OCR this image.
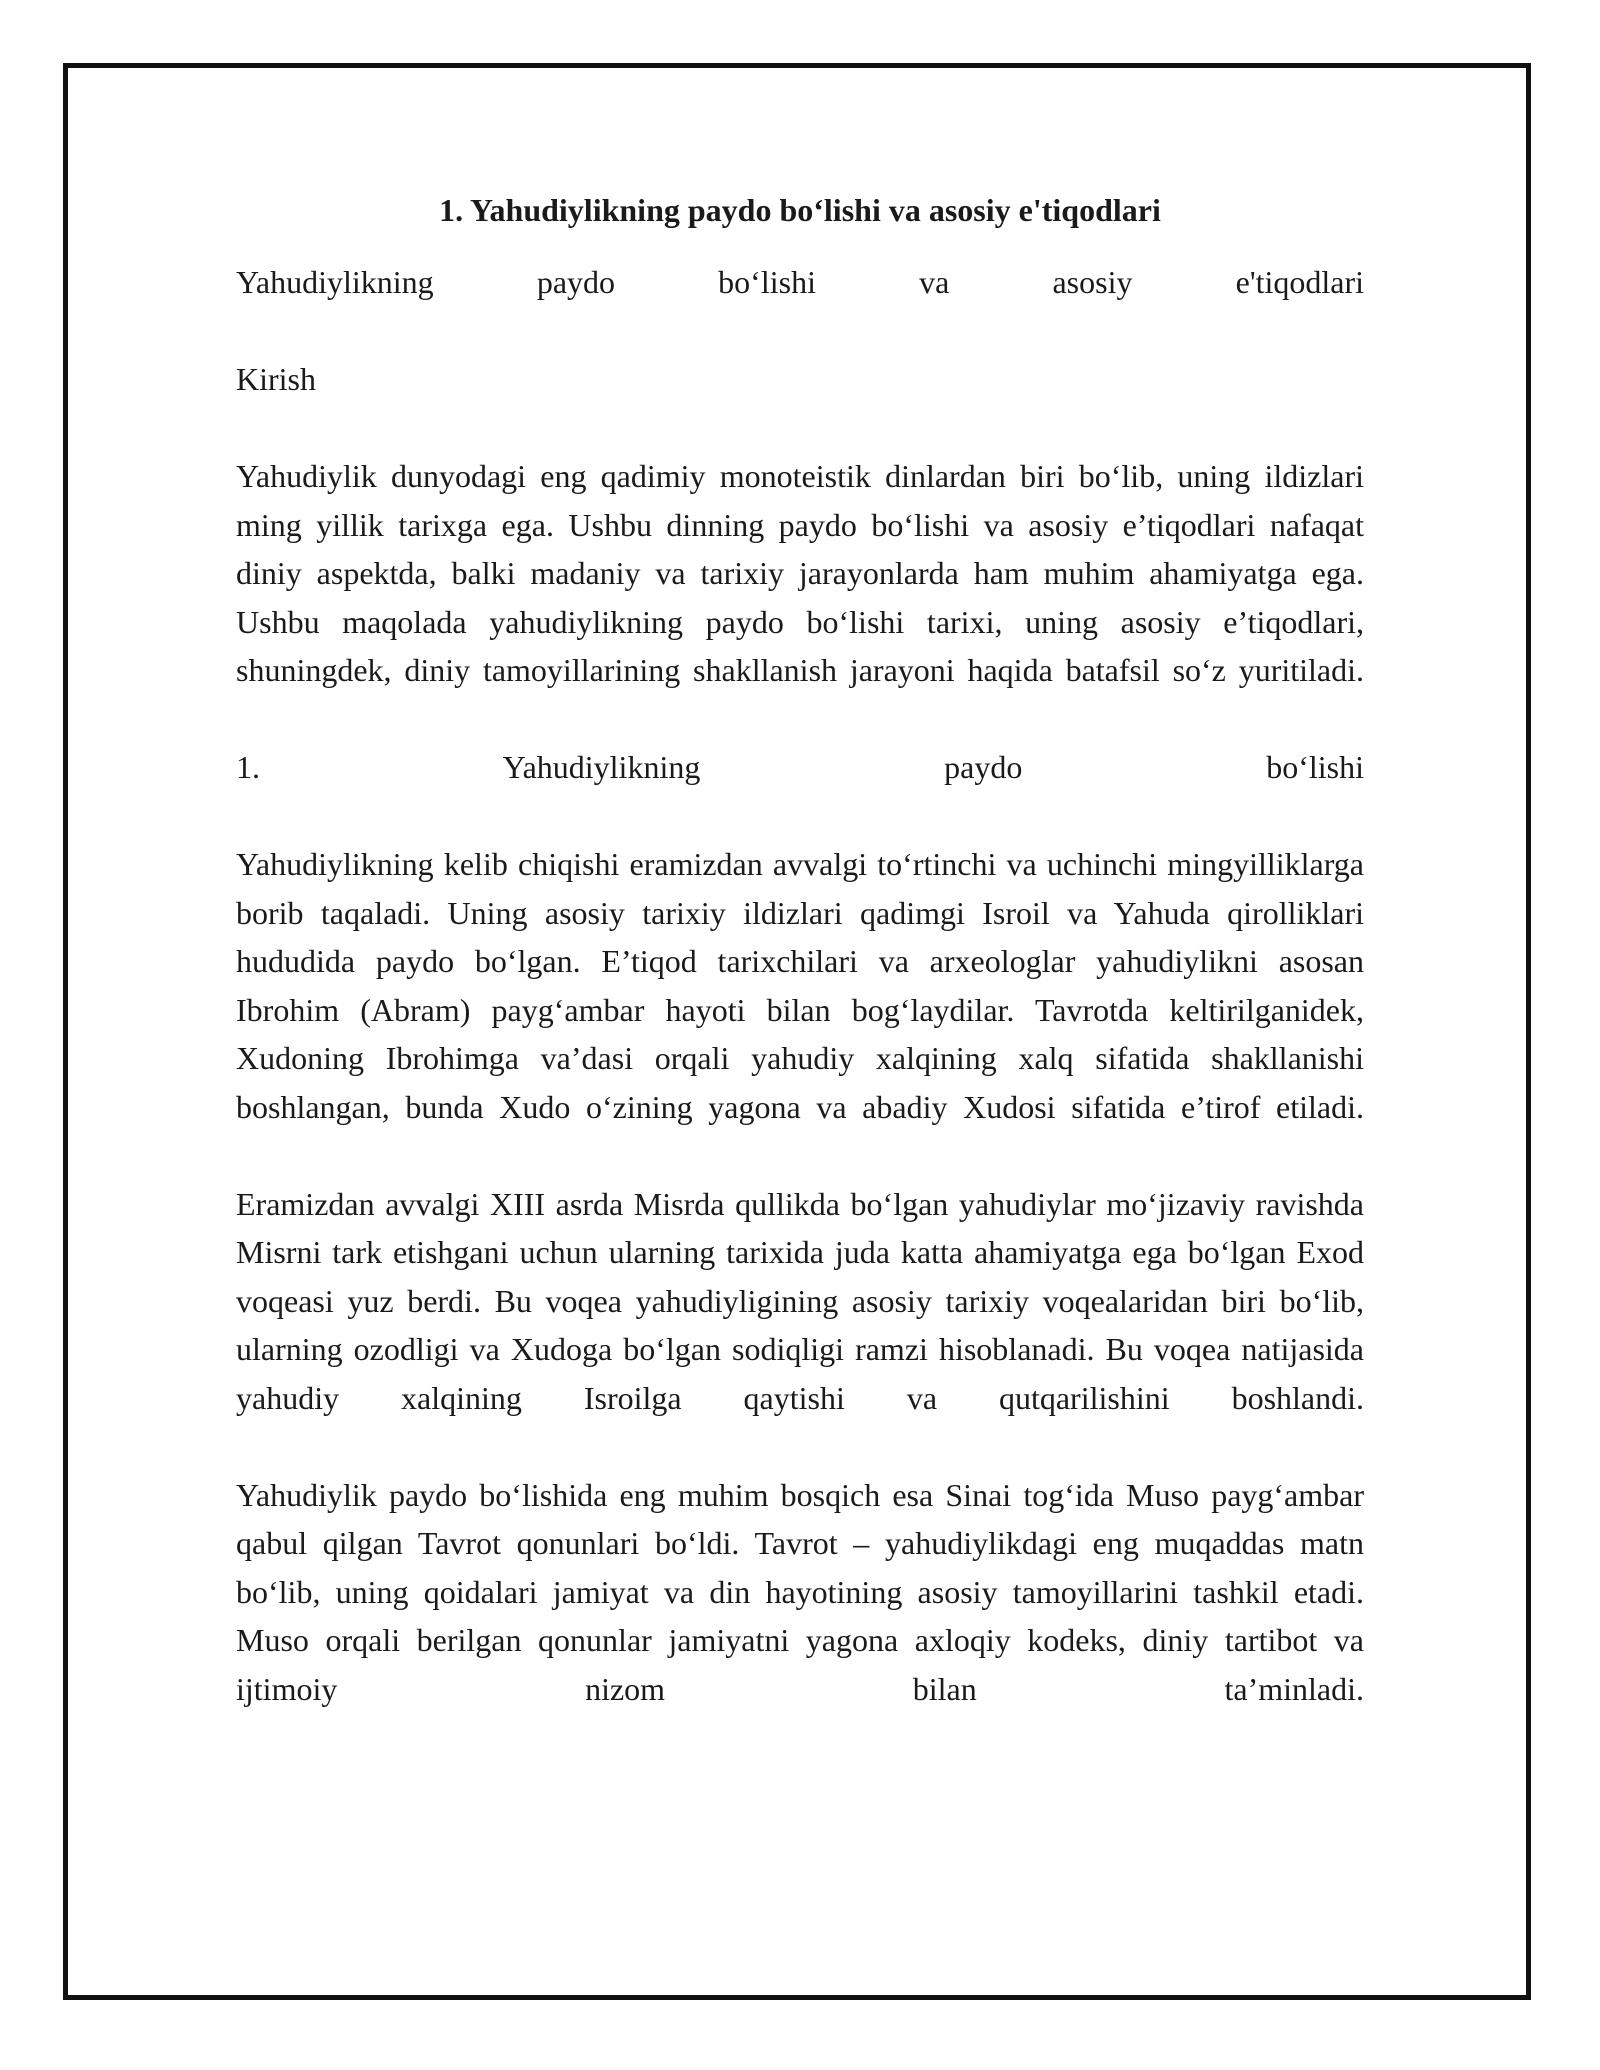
1. Yahudiylikning paydo bo‘lishi va asosiy e'tiqodlari

Yahudiylikning paydo bo‘lishi va asosiy e'tiqodlari

Kirish

Yahudiylik dunyodagi eng qadimiy monoteistik dinlardan biri bo‘lib, uning ildizlari ming yillik tarixga ega. Ushbu dinning paydo bo‘lishi va asosiy e’tiqodlari nafaqat diniy aspektda, balki madaniy va tarixiy jarayonlarda ham muhim ahamiyatga ega. Ushbu maqolada yahudiylikning paydo bo‘lishi tarixi, uning asosiy e’tiqodlari, shuningdek, diniy tamoyillarining shakllanish jarayoni haqida batafsil so‘z yuritiladi.

1. Yahudiylikning paydo bo‘lishi

Yahudiylikning kelib chiqishi eramizdan avvalgi to‘rtinchi va uchinchi mingyilliklarga borib taqaladi. Uning asosiy tarixiy ildizlari qadimgi Isroil va Yahuda qirolliklari hududida paydo bo‘lgan. E’tiqod tarixchilari va arxeologlar yahudiylikni asosan Ibrohim (Abram) payg‘ambar hayoti bilan bog‘laydilar. Tavrotda keltirilganidek, Xudoning Ibrohimga va’dasi orqali yahudiy xalqining xalq sifatida shakllanishi boshlangan, bunda Xudo o‘zining yagona va abadiy Xudosi sifatida e’tirof etiladi.

Eramizdan avvalgi XIII asrda Misrda qullikda bo‘lgan yahudiylar mo‘jizaviy ravishda Misrni tark etishgani uchun ularning tarixida juda katta ahamiyatga ega bo‘lgan Exod voqeasi yuz berdi. Bu voqea yahudiyligining asosiy tarixiy voqealaridan biri bo‘lib, ularning ozodligi va Xudoga bo‘lgan sodiqligi ramzi hisoblanadi. Bu voqea natijasida yahudiy xalqining Isroilga qaytishi va qutqarilishini boshlandi.

Yahudiylik paydo bo‘lishida eng muhim bosqich esa Sinai tog‘ida Muso payg‘ambar qabul qilgan Tavrot qonunlari bo‘ldi. Tavrot – yahudiylikdagi eng muqaddas matn bo‘lib, uning qoidalari jamiyat va din hayotining asosiy tamoyillarini tashkil etadi. Muso orqali berilgan qonunlar jamiyatni yagona axloqiy kodeks, diniy tartibot va ijtimoiy nizom bilan ta’minladi.
